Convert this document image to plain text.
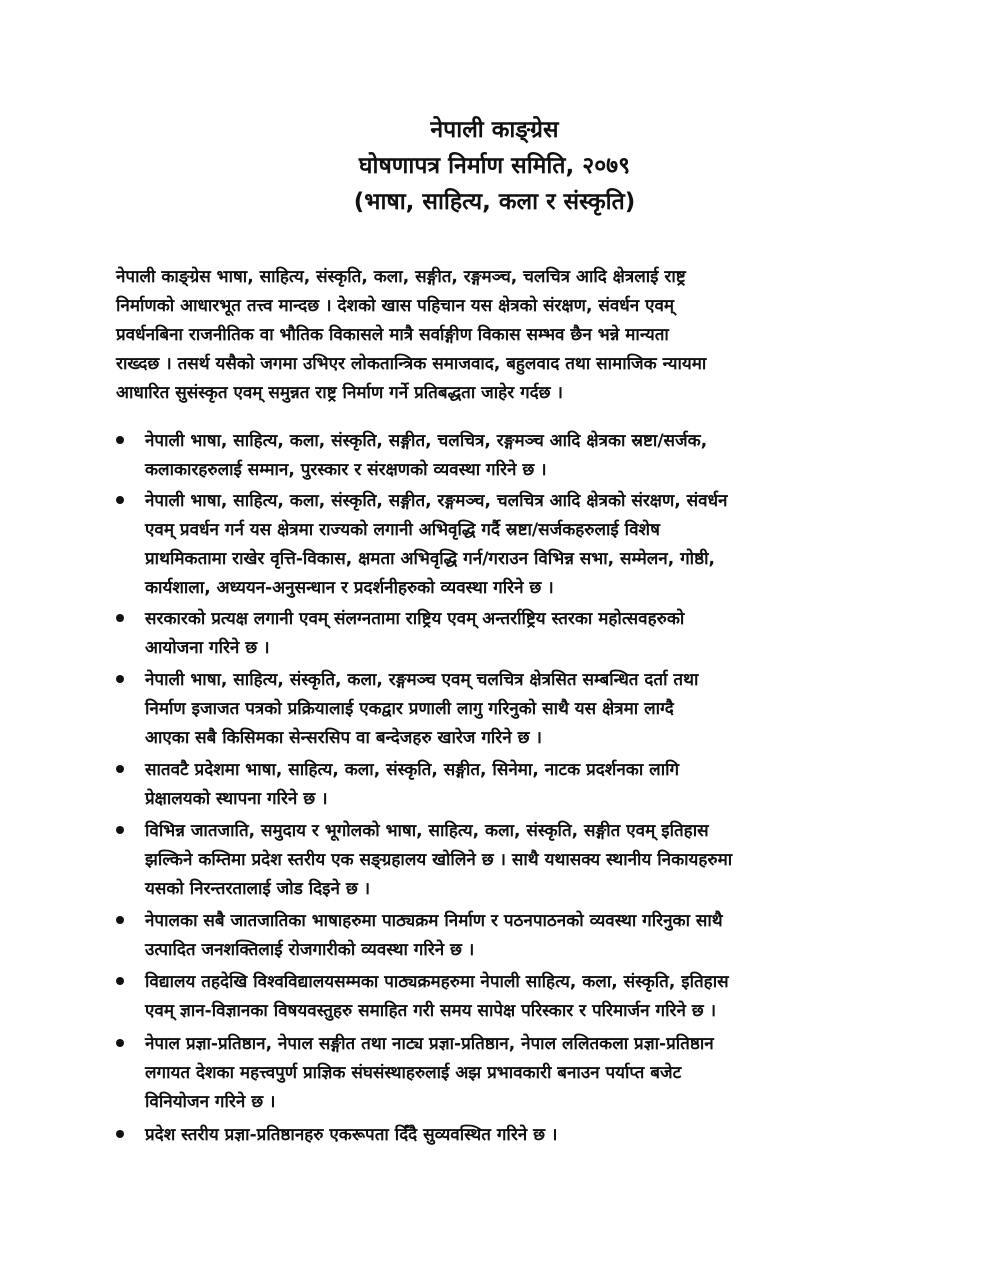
नेपाली काङ्ग्रेस
घोषणापत्र निर्माण समिति, २०७९
(भाषा, साहित्य, कला र संस्कृति)
नेपाली काङ्ग्रेस भाषा, साहित्य, संस्कृति, कला, सङ्गीत, रङ्गमञ्च, चलचित्र आदि क्षेत्रलाई राष्ट्र
निर्माणको आधारभूत तत्त्व मान्दछ । देशको खास पहिचान यस क्षेत्रको संरक्षण, संवर्धन एवम्
प्रवर्धनबिना राजनीतिक वा भौतिक विकासले मात्रै सर्वाङ्गीण विकास सम्भव छैन भन्ने मान्यता
राख्दछ । तसर्थ यसैको जगमा उभिएर लोकतान्त्रिक समाजवाद, बहुलवाद तथा सामाजिक न्यायमा
आधारित सुसंस्कृत एवम् समुन्नत राष्ट्र निर्माण गर्ने प्रतिबद्धता जाहेर गर्दछ ।
नेपाली भाषा, साहित्य, कला, संस्कृति, सङ्गीत, चलचित्र, रङ्गमञ्च आदि क्षेत्रका स्रष्टा/सर्जक,
कलाकारहरुलाई सम्मान, पुरस्कार र संरक्षणको व्यवस्था गरिने छ ।
नेपाली भाषा, साहित्य, कला, संस्कृति, सङ्गीत, रङ्गमञ्च, चलचित्र आदि क्षेत्रको संरक्षण, संवर्धन
एवम् प्रवर्धन गर्न यस क्षेत्रमा राज्यको लगानी अभिवृद्धि गर्दै स्रष्टा/सर्जकहरुलाई विशेष
प्राथमिकतामा राखेर वृत्ति-विकास, क्षमता अभिवृद्धि गर्न/गराउन विभिन्न सभा, सम्मेलन, गोष्ठी,
कार्यशाला, अध्ययन-अनुसन्धान र प्रदर्शनीहरुको व्यवस्था गरिने छ ।
सरकारको प्रत्यक्ष लगानी एवम् संलग्नतामा राष्ट्रिय एवम् अन्तर्राष्ट्रिय स्तरका महोत्सवहरुको
आयोजना गरिने छ ।
नेपाली भाषा, साहित्य, संस्कृति, कला, रङ्गमञ्च एवम् चलचित्र क्षेत्रसित सम्बन्धित दर्ता तथा
निर्माण इजाजत पत्रको प्रक्रियालाई एकद्वार प्रणाली लागु गरिनुको साथै यस क्षेत्रमा लाग्दै
आएका सबै किसिमका सेन्सरसिप वा बन्देजहरु खारेज गरिने छ ।
सातवटै प्रदेशमा भाषा, साहित्य, कला, संस्कृति, सङ्गीत, सिनेमा, नाटक प्रदर्शनका लागि
प्रेक्षालयको स्थापना गरिने छ ।
विभिन्न जातजाति, समुदाय र भूगोलको भाषा, साहित्य, कला, संस्कृति, सङ्गीत एवम् इतिहास
झल्किने कम्तिमा प्रदेश स्तरीय एक सङ्ग्रहालय खोलिने छ । साथै यथासक्य स्थानीय निकायहरुमा
यसको निरन्तरतालाई जोड दिइने छ ।
नेपालका सबै जातजातिका भाषाहरुमा पाठ्यक्रम निर्माण र पठनपाठनको व्यवस्था गरिनुका साथै
उत्पादित जनशक्तिलाई रोजगारीको व्यवस्था गरिने छ ।
विद्यालय तहदेखि विश्वविद्यालयसम्मका पाठ्यक्रमहरुमा नेपाली साहित्य, कला, संस्कृति, इतिहास
एवम् ज्ञान-विज्ञानका विषयवस्तुहरु समाहित गरी समय सापेक्ष परिस्कार र परिमार्जन गरिने छ ।
नेपाल प्रज्ञा-प्रतिष्ठान, नेपाल सङ्गीत तथा नाट्य प्रज्ञा-प्रतिष्ठान, नेपाल ललितकला प्रज्ञा-प्रतिष्ठान
लगायत देशका महत्त्वपुर्ण प्राज्ञिक संघसंस्थाहरुलाई अझ प्रभावकारी बनाउन पर्याप्त बजेट
विनियोजन गरिने छ ।
प्रदेश स्तरीय प्रज्ञा-प्रतिष्ठानहरु एकरूपता दिँदै सुव्यवस्थित गरिने छ ।
